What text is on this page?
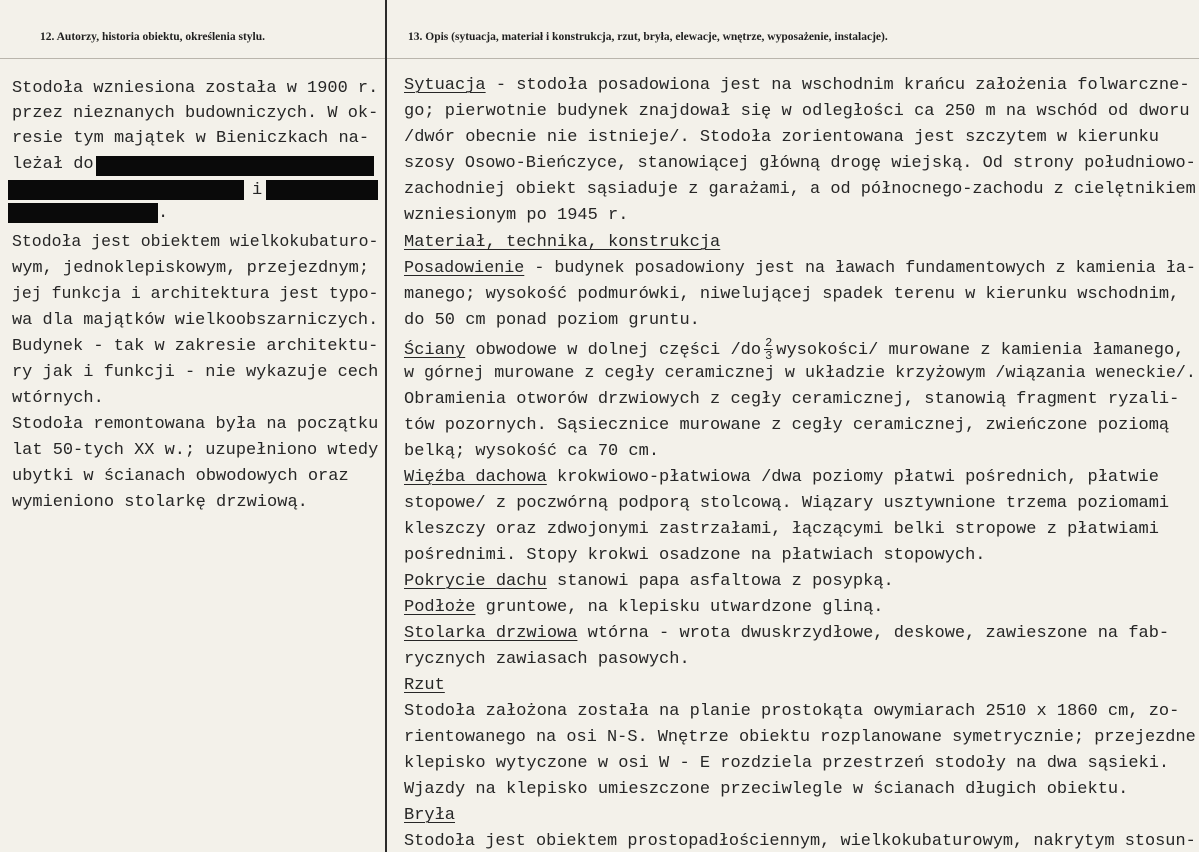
12. Autorzy, historia obiektu, określenia stylu.	13. Opis (sytuacja, materiał i konstrukcja, rzut, bryła, elewacje, wnętrze, wyposażenie, instalacje).
Stodoła wzniesiona została w 1900 r.
przez nieznanych budowniczych. W ok-
resie tym majątek w Bieniczkach na-
leżał do
i
.
Stodoła jest obiektem wielkokubaturo-
wym, jednoklepiskowym, przejezdnym;
jej funkcja i architektura jest typo-
wa dla majątków wielkoobszarniczych.
Budynek - tak w zakresie architektu-
ry jak i funkcji - nie wykazuje cech
wtórnych.
Stodoła remontowana była na początku
lat 50-tych XX w.; uzupełniono wtedy
ubytki w ścianach obwodowych oraz
wymieniono stolarkę drzwiową.
Sytuacja - stodoła posadowiona jest na wschodnim krańcu założenia folwarczne-
go; pierwotnie budynek znajdował się w odległości ca 250 m na wschód od dworu
/dwór obecnie nie istnieje/. Stodoła zorientowana jest szczytem w kierunku
szosy Osowo-Bieńczyce, stanowiącej główną drogę wiejską. Od strony południowo-
zachodniej obiekt sąsiaduje z garażami, a od północnego-zachodu z cielętnikiem
wzniesionym po 1945 r.
Materiał, technika, konstrukcja
Posadowienie - budynek posadowiony jest na ławach fundamentowych z kamienia ła-
manego; wysokość podmurówki, niwelującej spadek terenu w kierunku wschodnim,
do 50 cm ponad poziom gruntu.
Ściany obwodowe w dolnej części $/do \frac{2}{3}$ wysokości/ murowane z kamienia łamanego,
w górnej murowane z cegły ceramicznej w układzie krzyżowym /wiązania weneckie/.
Obramienia otworów drzwiowych z cegły ceramicznej, stanowią fragment ryzali-
tów pozornych. Sąsiecznice murowane z cegły ceramicznej, zwieńczone poziomą
belką; wysokość ca 70 cm.
Więźba dachowa krokwiowo-płatwiowa /dwa poziomy płatwi pośrednich, płatwie
stopowe/ z poczwórną podporą stolcową. Wiązary usztywnione trzema poziomami
kleszczy oraz zdwojonymi zastrzałami, łączącymi belki stropowe z płatwiami
pośrednimi. Stopy krokwi osadzone na płatwiach stopowych.
Pokrycie dachu stanowi papa asfaltowa z posypką.
Podłoże gruntowe, na klepisku utwardzone gliną.
Stolarka drzwiowa wtórna - wrota dwuskrzydłowe, deskowe, zawieszone na fab-
rycznych zawiasach pasowych.
Rzut
Stodoła założona została na planie prostokąta owymiarach 2510 x 1860 cm, zo-
rientowanego na osi N-S. Wnętrze obiektu rozplanowane symetrycznie; przejezdne
klepisko wytyczone w osi W - E rozdziela przestrzeń stodoły na dwa sąsieki.
Wjazdy na klepisko umieszczone przeciwlegle w ścianach długich obiektu.
Bryła
Stodoła jest obiektem prostopadłościennym, wielkokubaturowym, nakrytym stosun-
